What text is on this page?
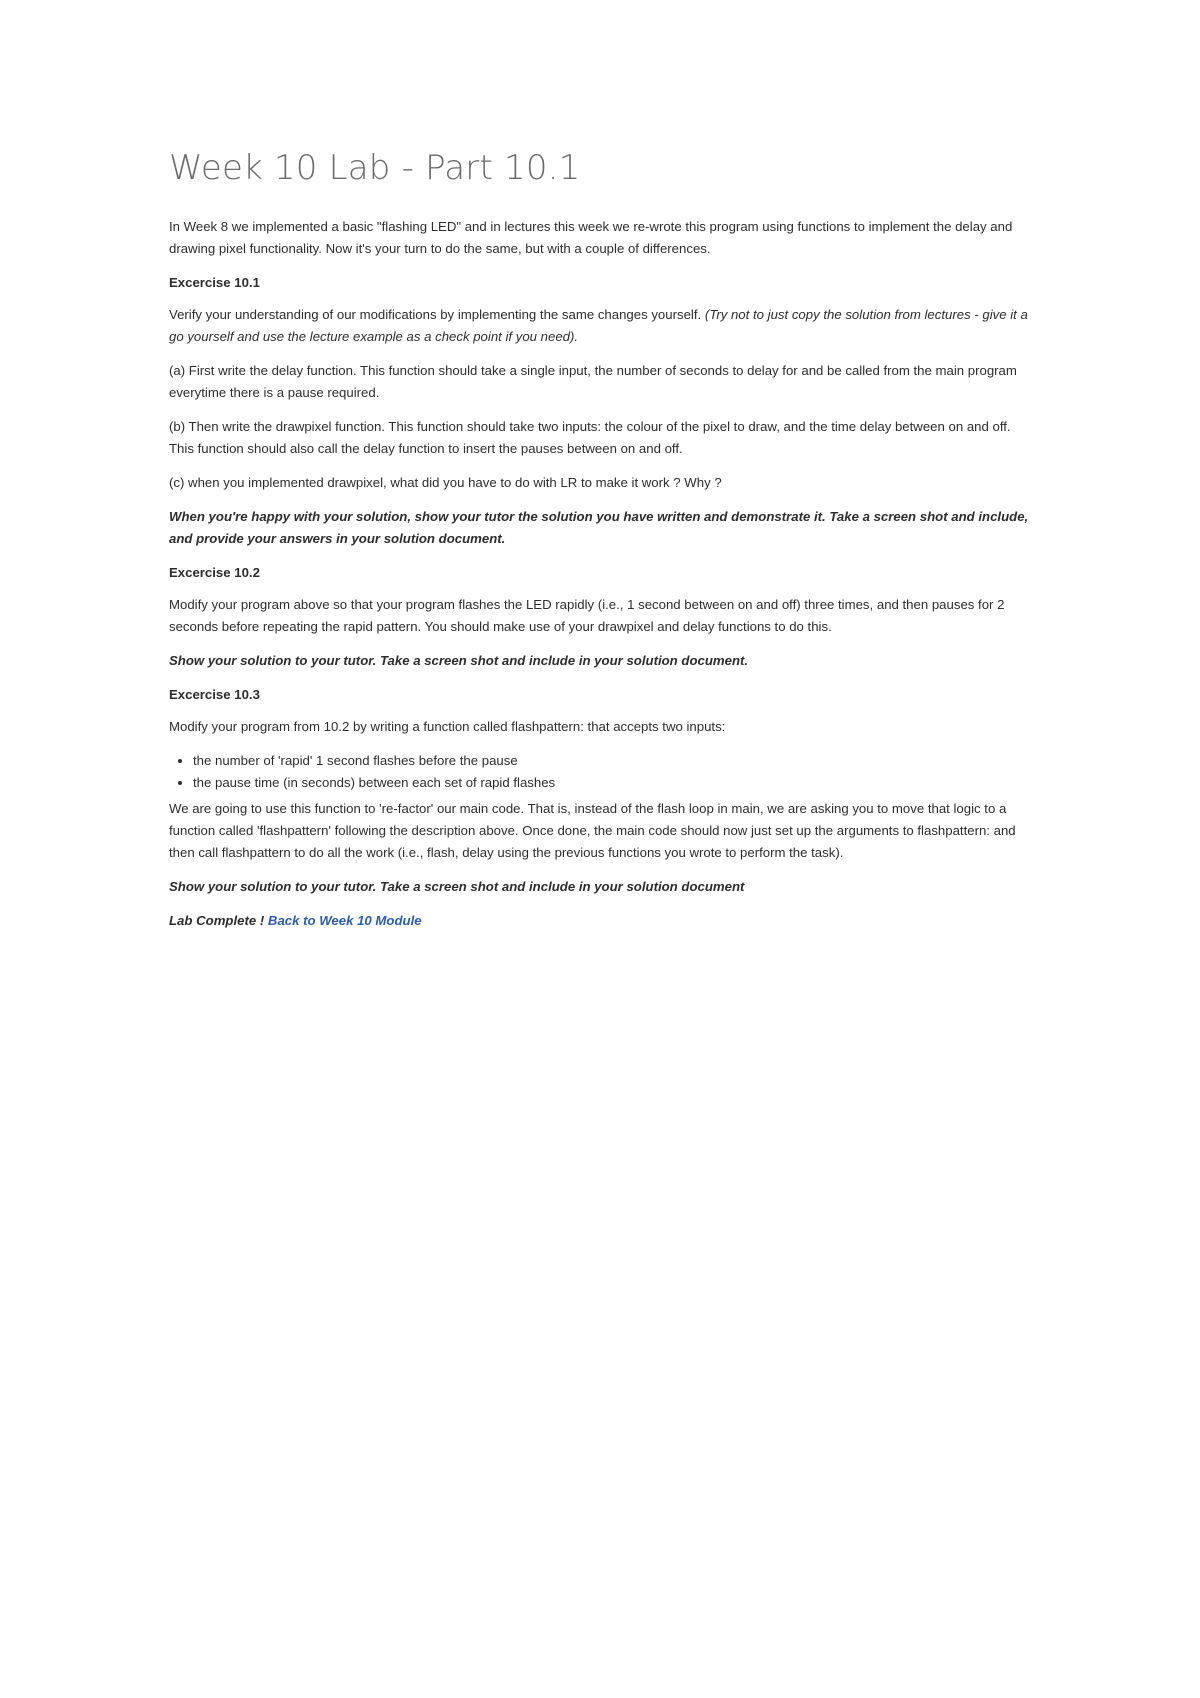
Week 10 Lab - Part 10.1

In Week 8 we implemented a basic "flashing LED" and in lectures this week we re-wrote this program using functions to implement the delay and drawing pixel functionality. Now it's your turn to do the same, but with a couple of differences.

Excercise 10.1

Verify your understanding of our modifications by implementing the same changes yourself. (Try not to just copy the solution from lectures - give it a go yourself and use the lecture example as a check point if you need).

(a) First write the delay function. This function should take a single input, the number of seconds to delay for and be called from the main program everytime there is a pause required.

(b) Then write the drawpixel function. This function should take two inputs: the colour of the pixel to draw, and the time delay between on and off. This function should also call the delay function to insert the pauses between on and off.

(c) when you implemented drawpixel, what did you have to do with LR to make it work ? Why ?

When you're happy with your solution, show your tutor the solution you have written and demonstrate it. Take a screen shot and include, and provide your answers in your solution document.

Excercise 10.2

Modify your program above so that your program flashes the LED rapidly (i.e., 1 second between on and off) three times, and then pauses for 2 seconds before repeating the rapid pattern. You should make use of your drawpixel and delay functions to do this.

Show your solution to your tutor. Take a screen shot and include in your solution document.

Excercise 10.3

Modify your program from 10.2 by writing a function called flashpattern: that accepts two inputs:

• the number of 'rapid' 1 second flashes before the pause
• the pause time (in seconds) between each set of rapid flashes

We are going to use this function to 're-factor' our main code. That is, instead of the flash loop in main, we are asking you to move that logic to a function called 'flashpattern' following the description above. Once done, the main code should now just set up the arguments to flashpattern: and then call flashpattern to do all the work (i.e., flash, delay using the previous functions you wrote to perform the task).

Show your solution to your tutor. Take a screen shot and include in your solution document

Lab Complete ! Back to Week 10 Module
